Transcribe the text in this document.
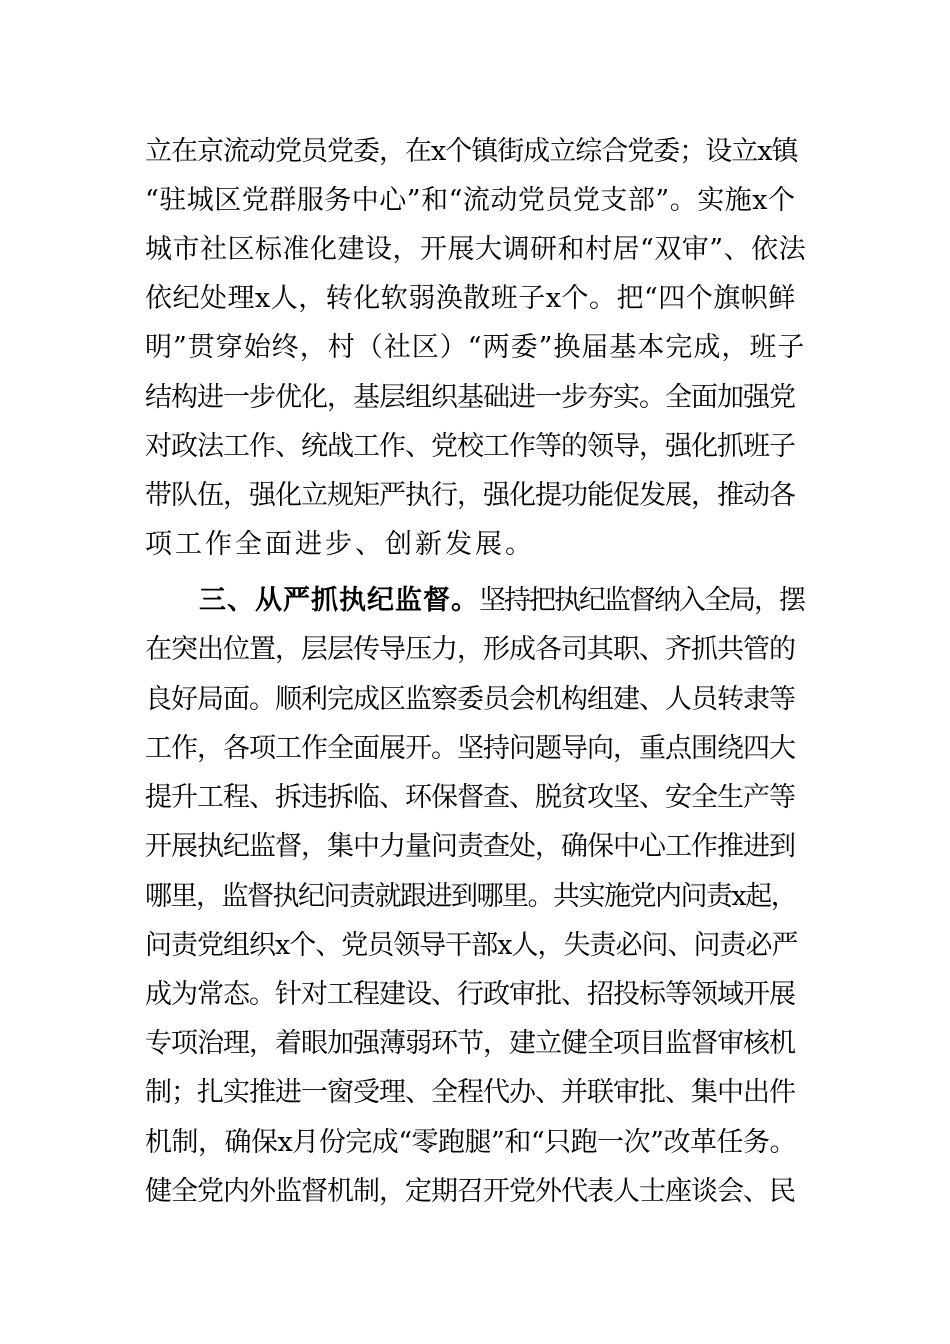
立在京流动党员党委，在x个镇街成立综合党委；设立x镇
“驻城区党群服务中心”和“流动党员党支部”。实施x个
城市社区标准化建设，开展大调研和村居“双审”、依法
依纪处理x人，转化软弱涣散班子x个。把“四个旗帜鲜
明”贯穿始终，村（社区）“两委”换届基本完成，班子
结构进一步优化，基层组织基础进一步夯实。全面加强党
对政法工作、统战工作、党校工作等的领导，强化抓班子
带队伍，强化立规矩严执行，强化提功能促发展，推动各
项工作全面进步、创新发展。
三、从严抓执纪监督。坚持把执纪监督纳入全局，摆
在突出位置，层层传导压力，形成各司其职、齐抓共管的
良好局面。顺利完成区监察委员会机构组建、人员转隶等
工作，各项工作全面展开。坚持问题导向，重点围绕四大
提升工程、拆违拆临、环保督查、脱贫攻坚、安全生产等
开展执纪监督，集中力量问责查处，确保中心工作推进到
哪里，监督执纪问责就跟进到哪里。共实施党内问责x起，
问责党组织x个、党员领导干部x人，失责必问、问责必严
成为常态。针对工程建设、行政审批、招投标等领域开展
专项治理，着眼加强薄弱环节，建立健全项目监督审核机
制；扎实推进一窗受理、全程代办、并联审批、集中出件
机制，确保x月份完成“零跑腿”和“只跑一次”改革任务。
健全党内外监督机制，定期召开党外代表人士座谈会、民
